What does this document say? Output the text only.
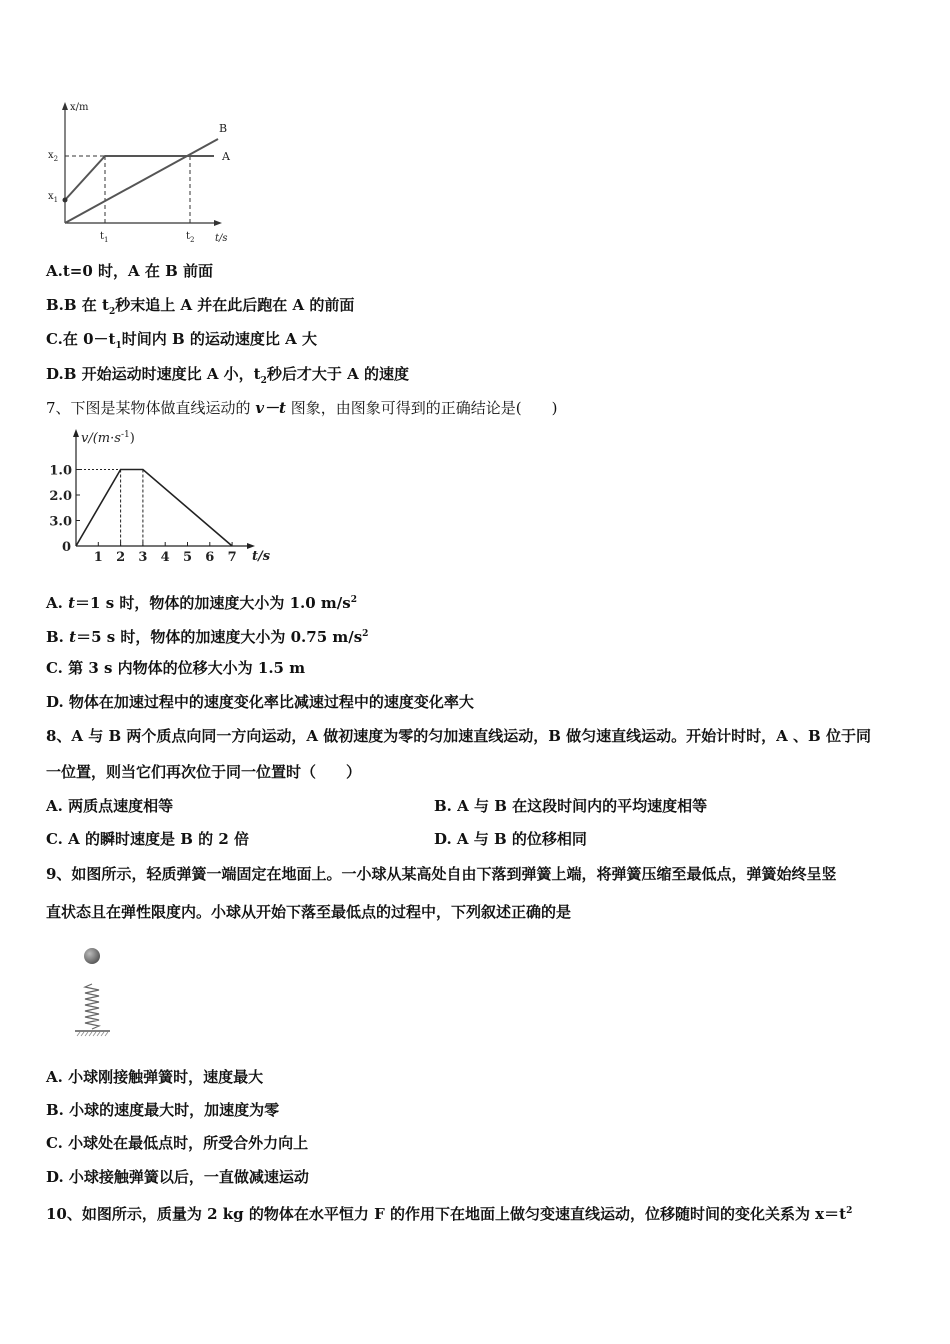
x/m
t/s
$x_2$
$x_1$
$t_1$	$t_2$
A
B
A.t=0 时，A 在 B 前面
B.B 在 $t_2$秒末追上 A 并在此后跑在 A 的前面
C.在 $0-t_1$时间内 B 的运动速度比 A 大
D.B 开始运动时速度比 A 小，$t_2$秒后才大于 A 的速度
7、下图是某物体做直线运动的 v－t 图象，由图象可得到的正确结论是(　　)
$v/(m\cdot s^{-1})$
t/s
0
3.0
2.0
1.0
1 2 3 4 5 6 7
A. t＝1 s 时，物体的加速度大小为 1.0 $m/s^2$
B. t＝5 s 时，物体的加速度大小为 0.75 $m/s^2$
C. 第 3 s 内物体的位移大小为 1.5 m
D. 物体在加速过程中的速度变化率比减速过程中的速度变化率大
8、A 与 B 两个质点向同一方向运动，A 做初速度为零的匀加速直线运动，B 做匀速直线运动。开始计时时，A 、B 位于同
一位置，则当它们再次位于同一位置时（　　）
A. 两质点速度相等	B. A 与 B 在这段时间内的平均速度相等
C. A 的瞬时速度是 B 的 2 倍	D. A 与 B 的位移相同
9、如图所示，轻质弹簧一端固定在地面上。一小球从某高处自由下落到弹簧上端，将弹簧压缩至最低点，弹簧始终呈竖
直状态且在弹性限度内。小球从开始下落至最低点的过程中，下列叙述正确的是
A. 小球刚接触弹簧时，速度最大
B. 小球的速度最大时，加速度为零
C. 小球处在最低点时，所受合外力向上
D. 小球接触弹簧以后，一直做减速运动
10、如图所示，质量为 2 kg 的物体在水平恒力 F 的作用下在地面上做匀变速直线运动，位移随时间的变化关系为 $x=t^2$
